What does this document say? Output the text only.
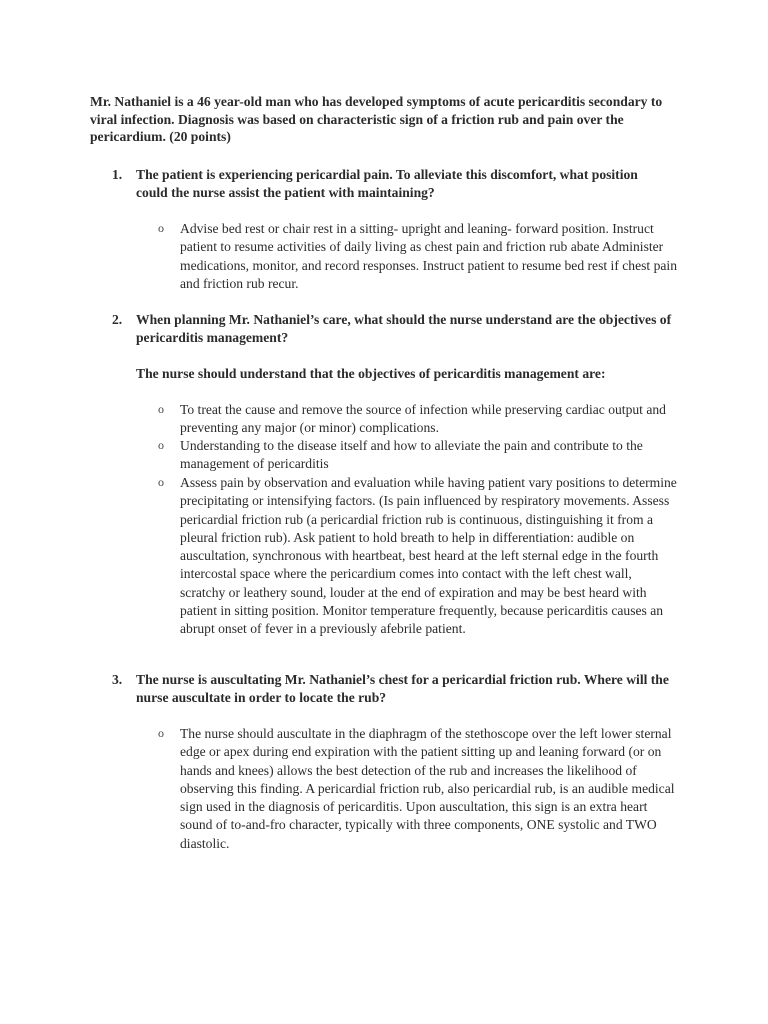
Mr. Nathaniel is a 46 year-old man who has developed symptoms of acute pericarditis secondary to viral infection. Diagnosis was based on characteristic sign of a friction rub and pain over the pericardium. (20 points)
1.	The patient is experiencing pericardial pain. To alleviate this discomfort, what position could the nurse assist the patient with maintaining?
o	Advise bed rest or chair rest in a sitting- upright and leaning- forward position. Instruct patient to resume activities of daily living as chest pain and friction rub abate Administer medications, monitor, and record responses. Instruct patient to resume bed rest if chest pain and friction rub recur.
2.	When planning Mr. Nathaniel’s care, what should the nurse understand are the objectives of pericarditis management?
The nurse should understand that the objectives of pericarditis management are:
o	To treat the cause and remove the source of infection while preserving cardiac output and preventing any major (or minor) complications.
o	Understanding to the disease itself and how to alleviate the pain and contribute to the management of pericarditis
o	Assess pain by observation and evaluation while having patient vary positions to determine precipitating or intensifying factors. (Is pain influenced by respiratory movements. Assess pericardial friction rub (a pericardial friction rub is continuous, distinguishing it from a pleural friction rub). Ask patient to hold breath to help in differentiation: audible on auscultation, synchronous with heartbeat, best heard at the left sternal edge in the fourth intercostal space where the pericardium comes into contact with the left chest wall, scratchy or leathery sound, louder at the end of expiration and may be best heard with patient in sitting position. Monitor temperature frequently, because pericarditis causes an abrupt onset of fever in a previously afebrile patient.
3.	The nurse is auscultating Mr. Nathaniel’s chest for a pericardial friction rub. Where will the nurse auscultate in order to locate the rub?
o	The nurse should auscultate in the diaphragm of the stethoscope over the left lower sternal edge or apex during end expiration with the patient sitting up and leaning forward (or on hands and knees) allows the best detection of the rub and increases the likelihood of observing this finding. A pericardial friction rub, also pericardial rub, is an audible medical sign used in the diagnosis of pericarditis. Upon auscultation, this sign is an extra heart sound of to-and-fro character, typically with three components, ONE systolic and TWO diastolic.
